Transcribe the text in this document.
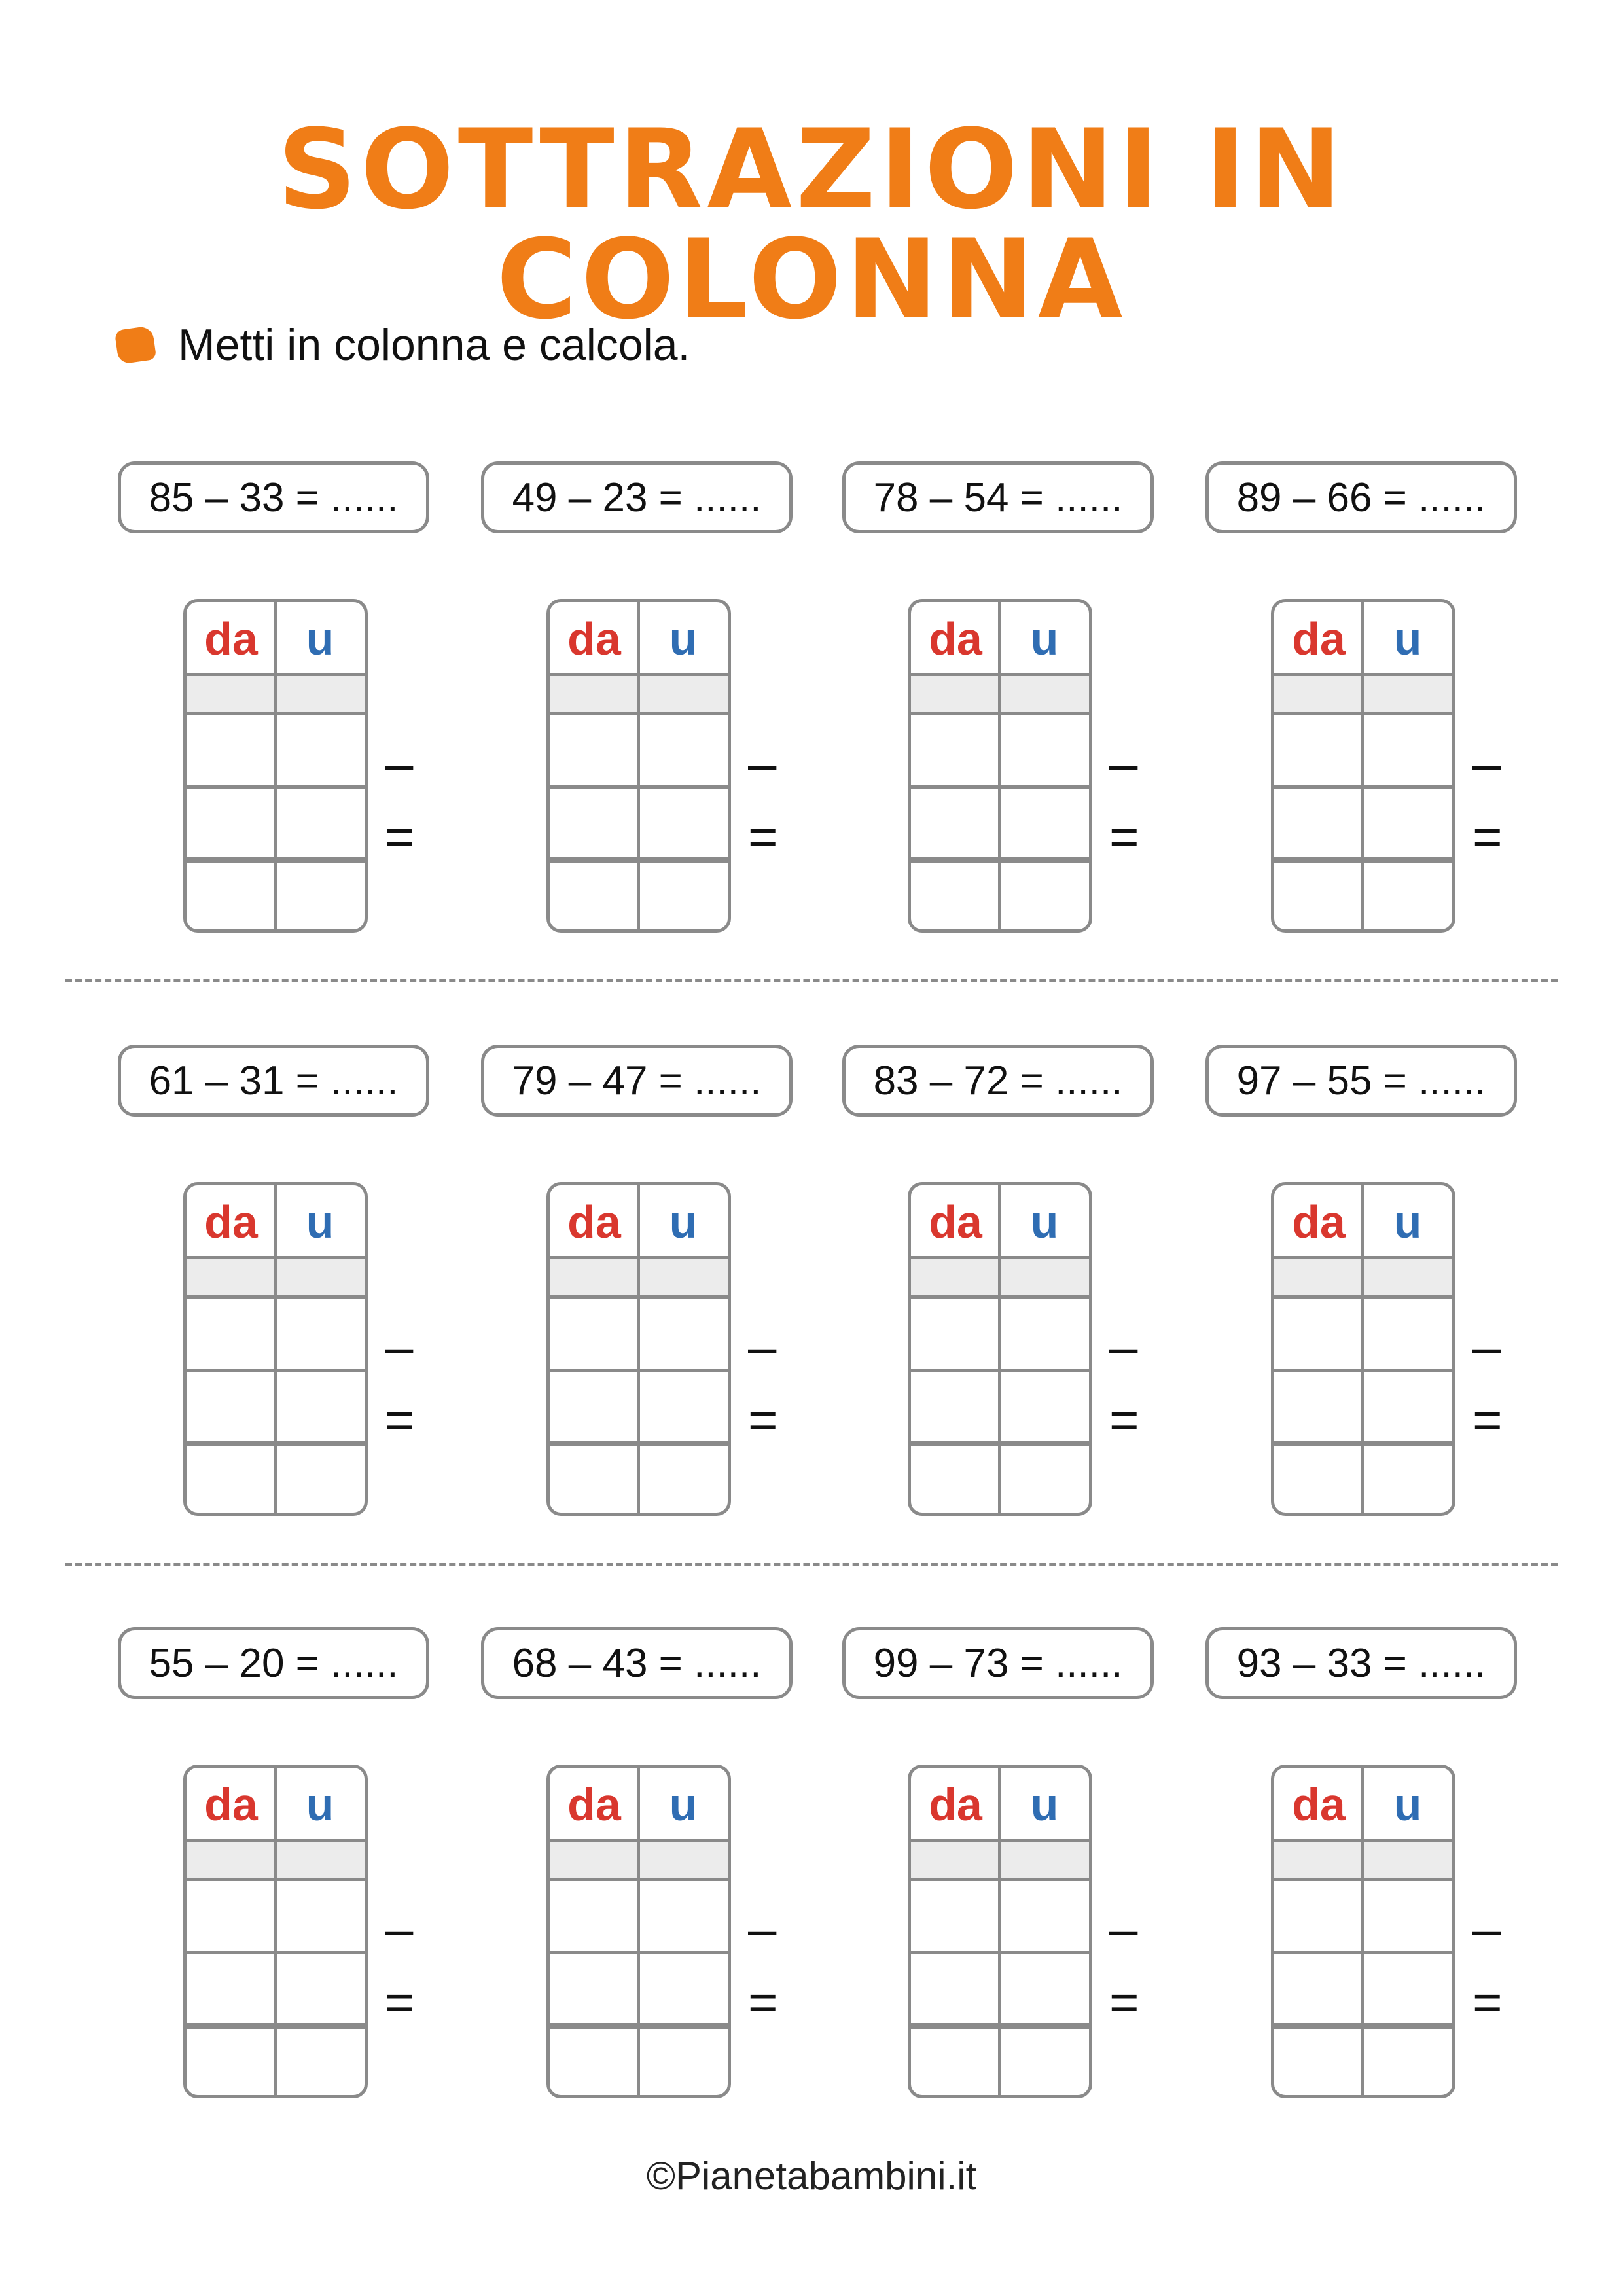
SOTTRAZIONI IN COLONNA
Metti in colonna e calcola.
85 – 33 = ......
da	u
–
=
49 – 23 = ......
da	u
–
=
78 – 54 = ......
da	u
–
=
89 – 66 = ......
da	u
–
=
61 – 31 = ......
da	u
–
=
79 – 47 = ......
da	u
–
=
83 – 72 = ......
da	u
–
=
97 – 55 = ......
da	u
–
=
55 – 20 = ......
da	u
–
=
68 – 43 = ......
da	u
–
=
99 – 73 = ......
da	u
–
=
93 – 33 = ......
da	u
–
=
©Pianetabambini.it
